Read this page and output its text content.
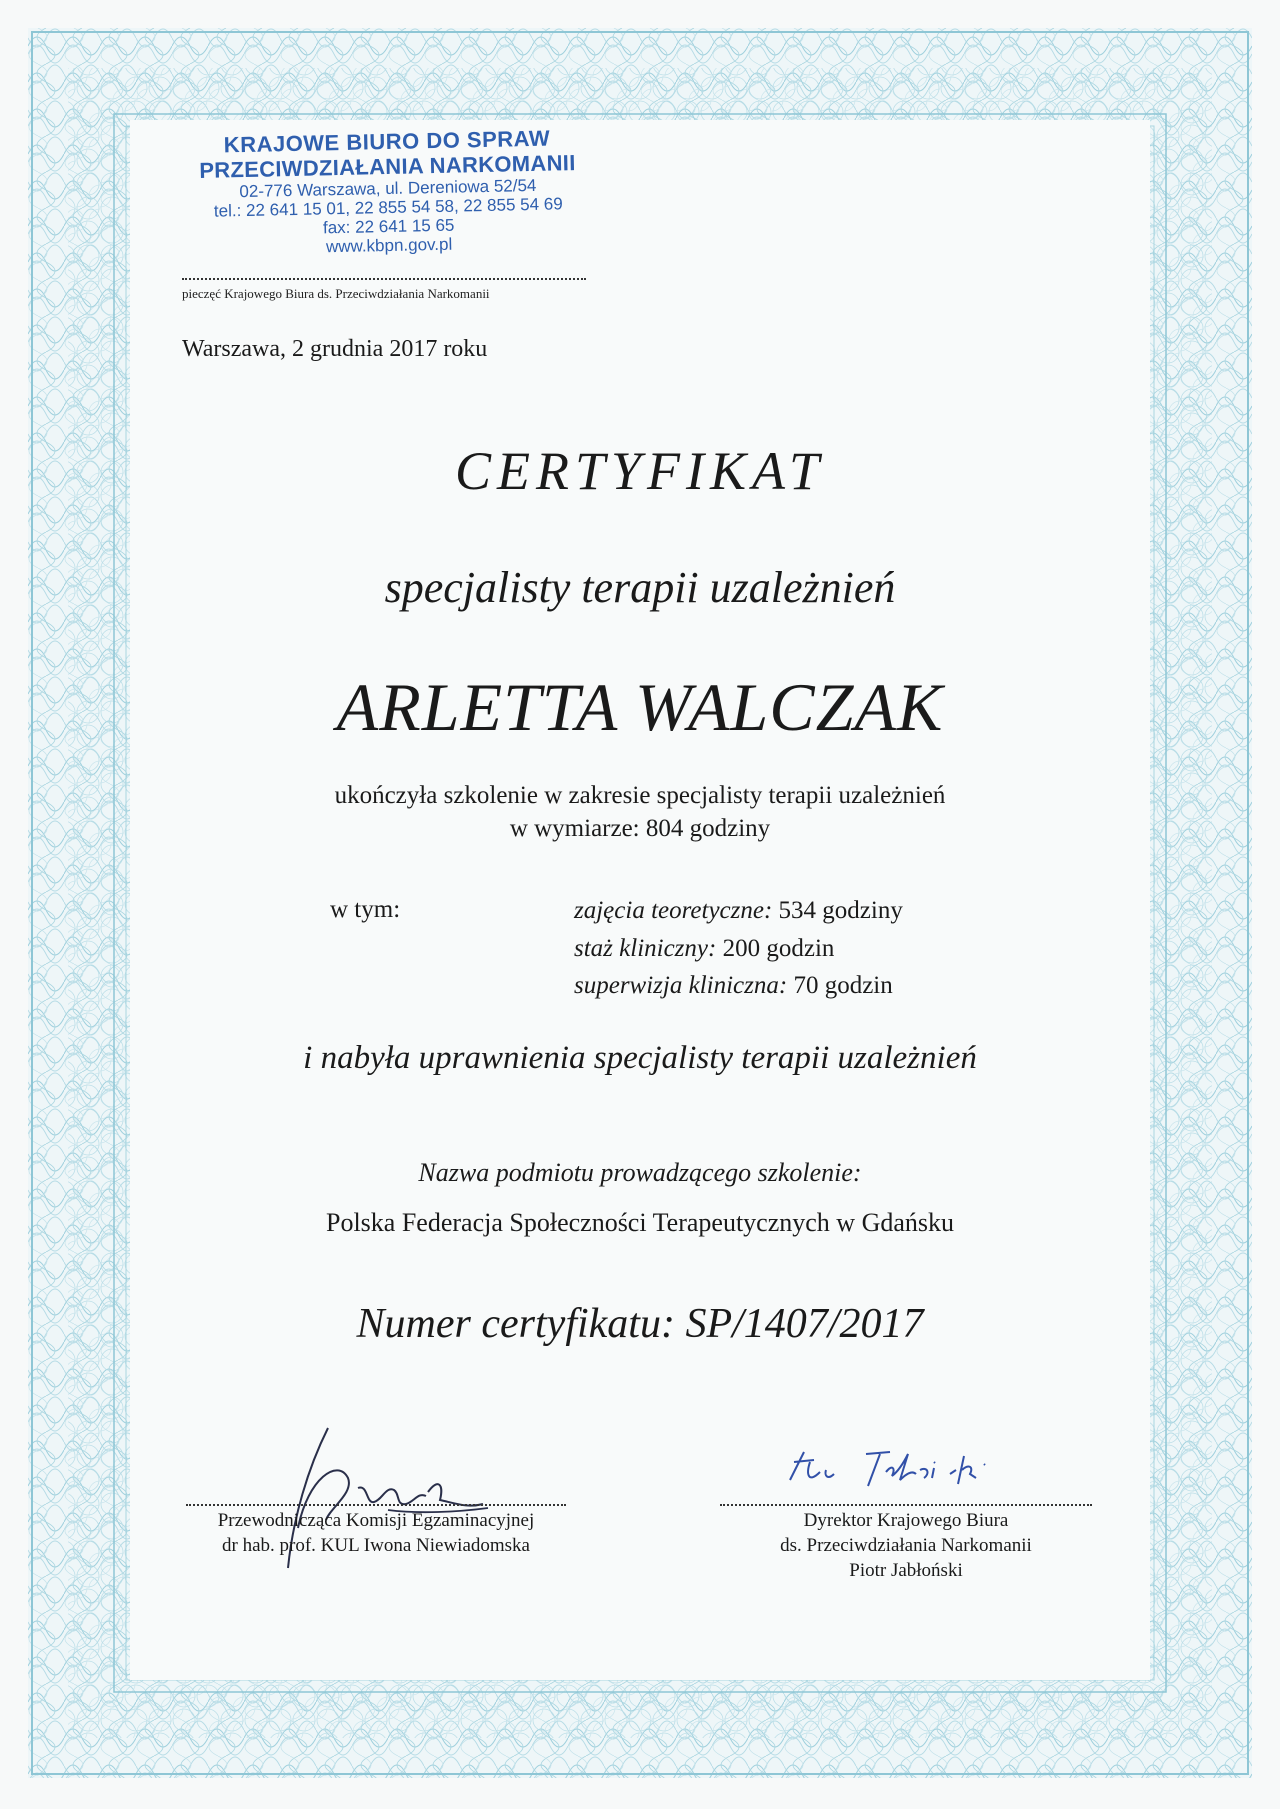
KRAJOWE BIURO DO SPRAW
PRZECIWDZIAŁANIA NARKOMANII
02-776 Warszawa, ul. Dereniowa 52/54
tel.: 22 641 15 01, 22 855 54 58, 22 855 54 69
fax: 22 641 15 65
www.kbpn.gov.pl
pieczęć Krajowego Biura ds. Przeciwdziałania Narkomanii
Warszawa, 2 grudnia 2017 roku
CERTYFIKAT
specjalisty terapii uzależnień
ARLETTA WALCZAK
ukończyła szkolenie w zakresie specjalisty terapii uzależnień
w wymiarze: 804 godziny
w tym:	zajęcia teoretyczne: 534 godziny
staż kliniczny: 200 godzin
superwizja kliniczna: 70 godzin
i nabyła uprawnienia specjalisty terapii uzależnień
Nazwa podmiotu prowadzącego szkolenie:
Polska Federacja Społeczności Terapeutycznych w Gdańsku
Numer certyfikatu: SP/1407/2017
Przewodnicząca Komisji Egzaminacyjnej
dr hab. prof. KUL Iwona Niewiadomska
Dyrektor Krajowego Biura
ds. Przeciwdziałania Narkomanii
Piotr Jabłoński
